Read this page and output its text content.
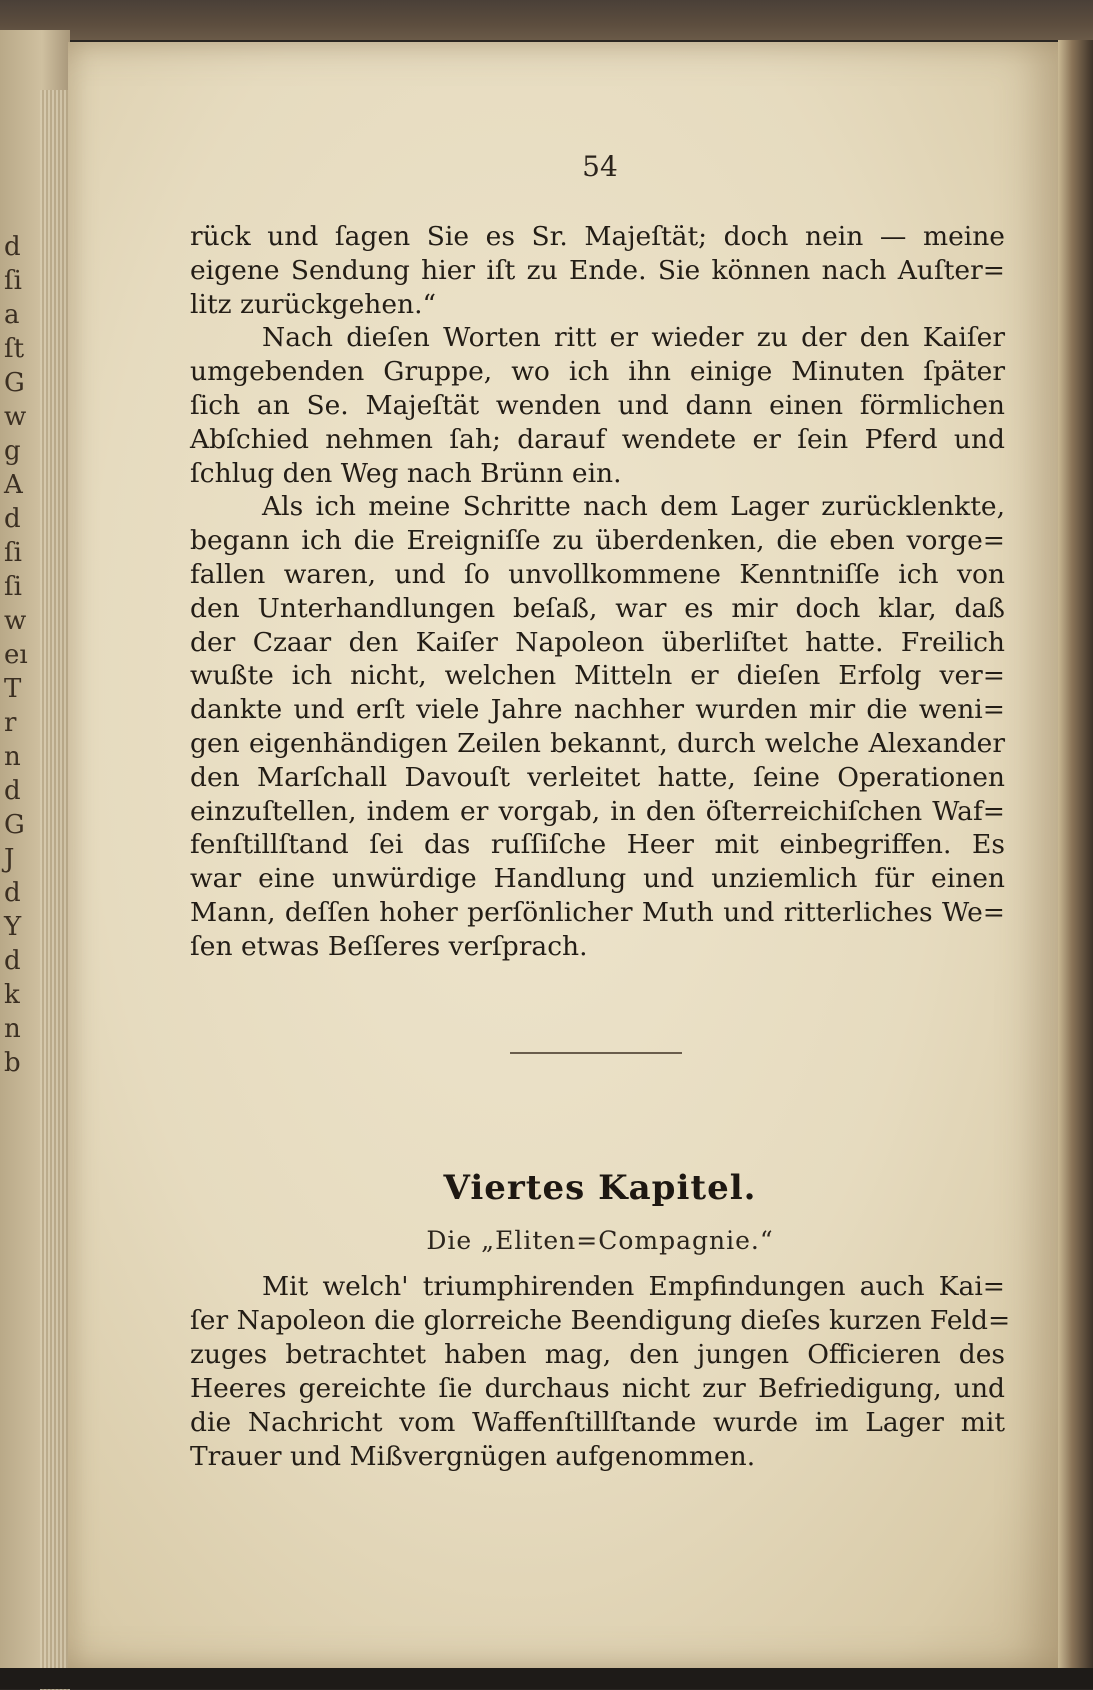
d
ſi
a
ſt
G
w
g
A
d
ſi
ſi
w
eı
T
r
n
d
G
J
d
Y
d
k
n
b
54
rück und ſagen Sie es Sr. Majeſtät; doch nein — meine
eigene Sendung hier iſt zu Ende. Sie können nach Auſter=
litz zurückgehen.“
Nach dieſen Worten ritt er wieder zu der den Kaiſer
umgebenden Gruppe, wo ich ihn einige Minuten ſpäter
ſich an Se. Majeſtät wenden und dann einen förmlichen
Abſchied nehmen ſah; darauf wendete er ſein Pferd und
ſchlug den Weg nach Brünn ein.
Als ich meine Schritte nach dem Lager zurücklenkte,
begann ich die Ereigniſſe zu überdenken, die eben vorge=
fallen waren, und ſo unvollkommene Kenntniſſe ich von
den Unterhandlungen beſaß, war es mir doch klar, daß
der Czaar den Kaiſer Napoleon überliſtet hatte. Freilich
wußte ich nicht, welchen Mitteln er dieſen Erfolg ver=
dankte und erſt viele Jahre nachher wurden mir die weni=
gen eigenhändigen Zeilen bekannt, durch welche Alexander
den Marſchall Davouſt verleitet hatte, ſeine Operationen
einzuſtellen, indem er vorgab, in den öſterreichiſchen Waf=
fenſtillſtand ſei das ruſſiſche Heer mit einbegriffen. Es
war eine unwürdige Handlung und unziemlich für einen
Mann, deſſen hoher perſönlicher Muth und ritterliches We=
ſen etwas Beſſeres verſprach.
Viertes Kapitel.
Die „Eliten=Compagnie.“
Mit welch' triumphirenden Empfindungen auch Kai=
ſer Napoleon die glorreiche Beendigung dieſes kurzen Feld=
zuges betrachtet haben mag, den jungen Officieren des
Heeres gereichte ſie durchaus nicht zur Befriedigung, und
die Nachricht vom Waffenſtillſtande wurde im Lager mit
Trauer und Mißvergnügen aufgenommen.
